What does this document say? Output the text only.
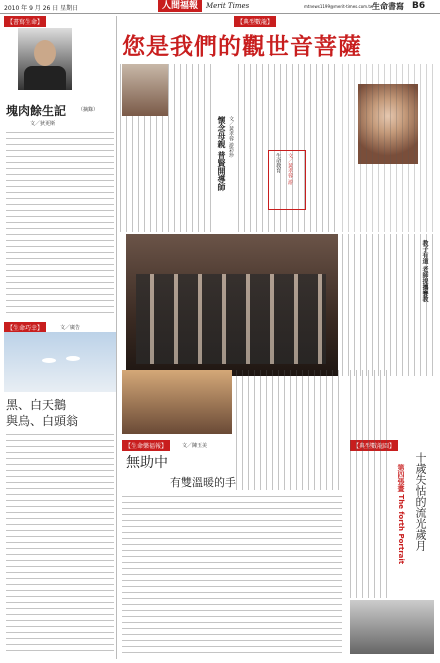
2010 年 9 月 26 日 星期日	人間福報	Merit Times	mtnews1199@merit-times.com.tw
生命書寫 B6
【書寫生命】
塊肉餘生記 （摘錄）
文／狄更斯
【生命巧幸】	文／廣告
黑、白天鵝
與烏、白頭翁
【典型數龍】
您是我們的觀世音菩薩
懷念母親 普賢開導師 文／黃孝蓉 游彩珍
文／黃孝蓉 游
生命教育
教子有道 老師提攜賽教
【生命樂福報】	文／陳玉美
無助中
有雙溫暖的手
【典型數龍圓】
十歲失怙的流光歲月
第四張畫 The forth Portrait
